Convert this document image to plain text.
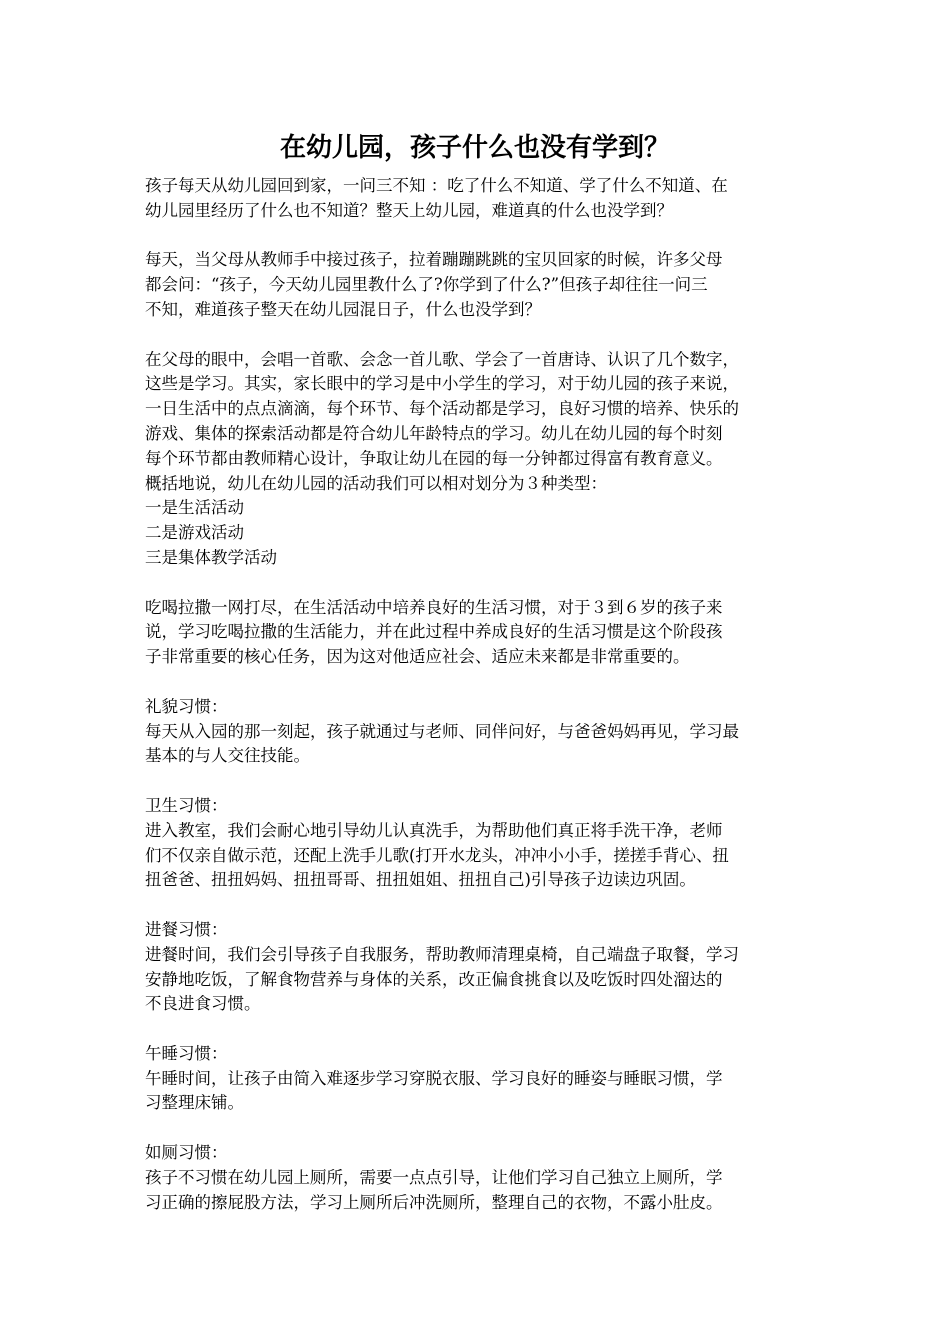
在幼儿园，孩子什么也没有学到？
孩子每天从幼儿园回到家，一问三不知 ：吃了什么不知道、学了什么不知道、在
幼儿园里经历了什么也不知道？整天上幼儿园，难道真的什么也没学到？
每天，当父母从教师手中接过孩子，拉着蹦蹦跳跳的宝贝回家的时候，许多父母
都会问：“孩子，今天幼儿园里教什么了?你学到了什么?”但孩子却往往一问三
不知，难道孩子整天在幼儿园混日子，什么也没学到？
在父母的眼中，会唱一首歌、会念一首儿歌、学会了一首唐诗、认识了几个数字，
这些是学习。其实，家长眼中的学习是中小学生的学习，对于幼儿园的孩子来说，
一日生活中的点点滴滴，每个环节、每个活动都是学习，良好习惯的培养、快乐的
游戏、集体的探索活动都是符合幼儿年龄特点的学习。幼儿在幼儿园的每个时刻
每个环节都由教师精心设计，争取让幼儿在园的每一分钟都过得富有教育意义。
概括地说，幼儿在幼儿园的活动我们可以相对划分为３种类型：
一是生活活动
二是游戏活动
三是集体教学活动
吃喝拉撒一网打尽，在生活活动中培养良好的生活习惯，对于３到６岁的孩子来
说，学习吃喝拉撒的生活能力，并在此过程中养成良好的生活习惯是这个阶段孩
子非常重要的核心任务，因为这对他适应社会、适应未来都是非常重要的。
礼貌习惯：
每天从入园的那一刻起，孩子就通过与老师、同伴问好，与爸爸妈妈再见，学习最
基本的与人交往技能。
卫生习惯：
进入教室，我们会耐心地引导幼儿认真洗手，为帮助他们真正将手洗干净，老师
们不仅亲自做示范，还配上洗手儿歌(打开水龙头，冲冲小小手，搓搓手背心、扭
扭爸爸、扭扭妈妈、扭扭哥哥、扭扭姐姐、扭扭自己)引导孩子边读边巩固。
进餐习惯：
进餐时间，我们会引导孩子自我服务，帮助教师清理桌椅，自己端盘子取餐，学习
安静地吃饭，了解食物营养与身体的关系，改正偏食挑食以及吃饭时四处溜达的
不良进食习惯。
午睡习惯：
午睡时间，让孩子由简入难逐步学习穿脱衣服、学习良好的睡姿与睡眠习惯，学
习整理床铺。
如厕习惯：
孩子不习惯在幼儿园上厕所，需要一点点引导，让他们学习自己独立上厕所，学
习正确的擦屁股方法，学习上厕所后冲洗厕所，整理自己的衣物，不露小肚皮。
